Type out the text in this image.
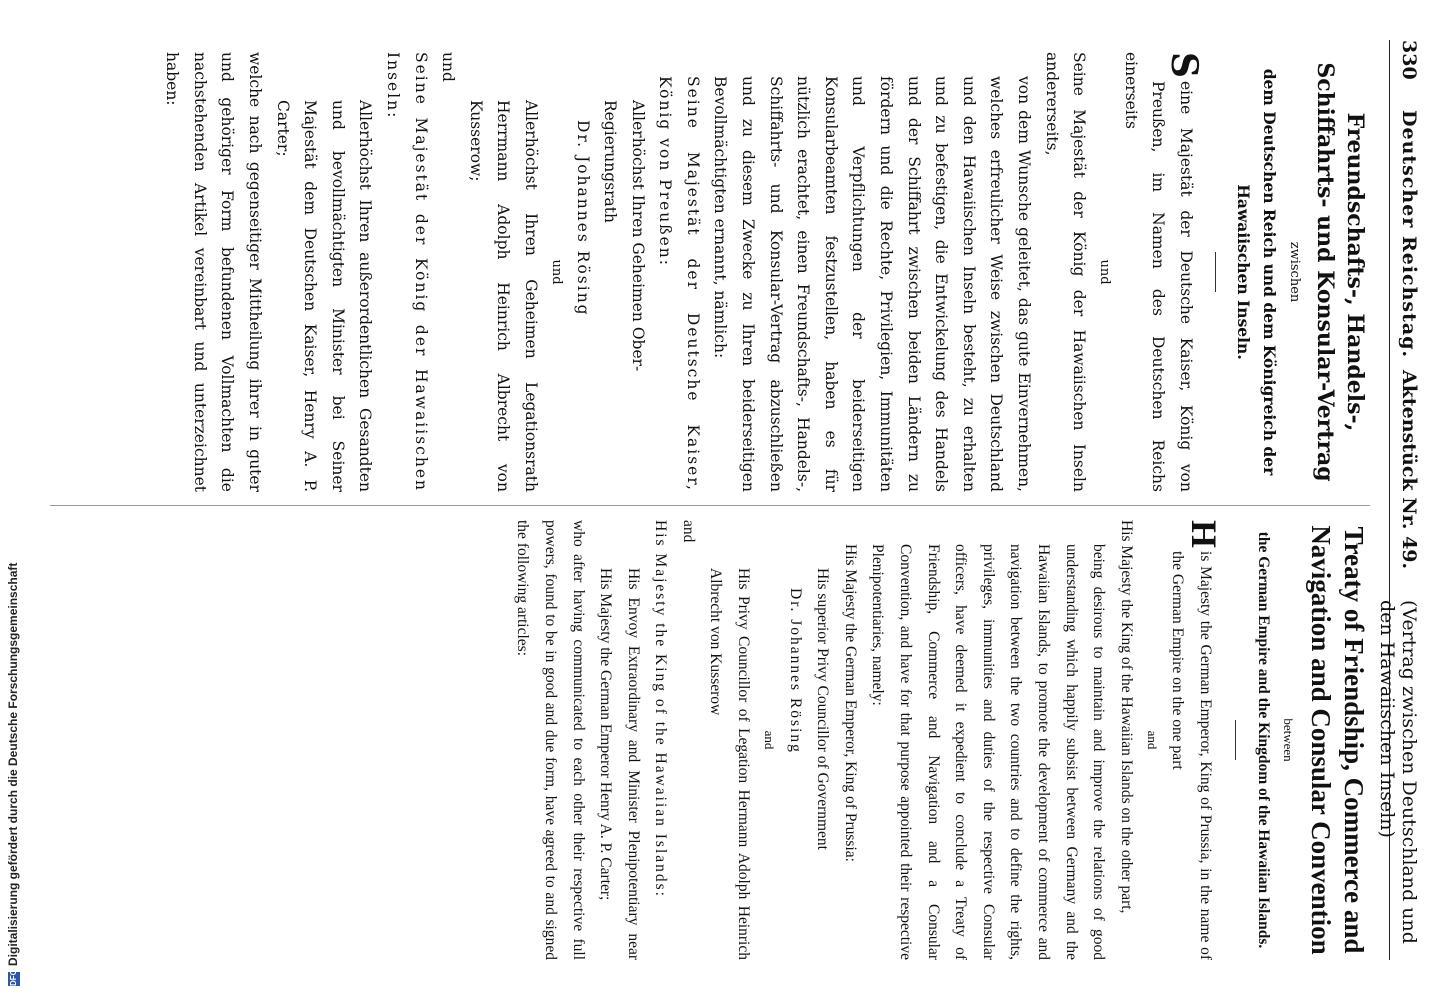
330
Deutscher Reichstag.
Aktenstück Nr. 49.
(Vertrag zwischen Deutschland und den Hawaiischen Inseln)

Freundschafts-, Handels-, Schiffahrts- und Konsular-Vertrag

zwischen

dem Deutschen Reich und dem Königreich der Hawaiischen Inseln.

Seine Majestät der Deutsche Kaiser, König von Preußen, im Namen des Deutschen Reichs einerseits

und

Seine Majestät der König der Hawaiischen Inseln andererseits,

von dem Wunsche geleitet, das gute Einvernehmen, welches erfreulicher Weise zwischen Deutschland und den Hawaiischen Inseln besteht, zu erhalten und zu befestigen, die Entwickelung des Handels und der Schiffahrt zwischen beiden Ländern zu fördern und die Rechte, Privilegien, Immunitäten und Verpflichtungen der beiderseitigen Konsularbeamten festzustellen, haben es für nützlich erachtet, einen Freundschafts-, Handels-, Schiffahrts- und Konsular-Vertrag abzuschließen und zu diesem Zwecke zu Ihren beiderseitigen Bevollmächtigten ernannt, nämlich:

Seine Majestät der Deutsche Kaiser, König von Preußen:

Allerhöchst Ihren Geheimen Ober-Regierungsrath

Dr. Johannes Rösing

und

Allerhöchst Ihren Geheimen Legationsrath Herrmann Adolph Heinrich Albrecht von Kusserow;

und

Seine Majestät der König der Hawaiischen Inseln:

Allerhöchst Ihren außerordentlichen Gesandten und bevollmächtigten Minister bei Seiner Majestät dem Deutschen Kaiser, Henry A. P. Carter;

welche nach gegenseitiger Mittheilung ihrer in guter und gehöriger Form befundenen Vollmachten die nachstehenden Artikel vereinbart und unterzeichnet haben:

Treaty of Friendship, Commerce and Navigation and Consular Convention

between

the German Empire and the Kingdom of the Hawaiian Islands.

His Majesty the German Emperor, King of Prussia, in the name of the German Empire on the one part

and

His Majesty the King of the Hawaiian Islands on the other part,

being desirous to maintain and improve the relations of good understanding which happily subsist between Germany and the Hawaiian Islands, to promote the development of commerce and navigation between the two countries and to define the rights, privileges, immunities and duties of the respective Consular officers, have deemed it expedient to conclude a Treaty of Friendship, Commerce and Navigation and a Consular Convention, and have for that purpose appointed their respective Plenipotentiaries, namely:

His Majesty the German Emperor, King of Prussia:

His superior Privy Councillor of Government

Dr. Johannes Rösing

and

His Privy Councillor of Legation Hermann Adolph Heinrich Albrecht von Kusserow

and

His Majesty the King of the Hawaiian Islands:

His Envoy Extraordinary and Minister Plenipotentiary near His Majesty the German Emperor Henry A. P. Carter;

who after having communicated to each other their respective full powers, found to be in good and due form, have agreed to and signed the following articles:

DFGDigitalisierung gefördert durch die Deutsche Forschungsgemeinschaft
